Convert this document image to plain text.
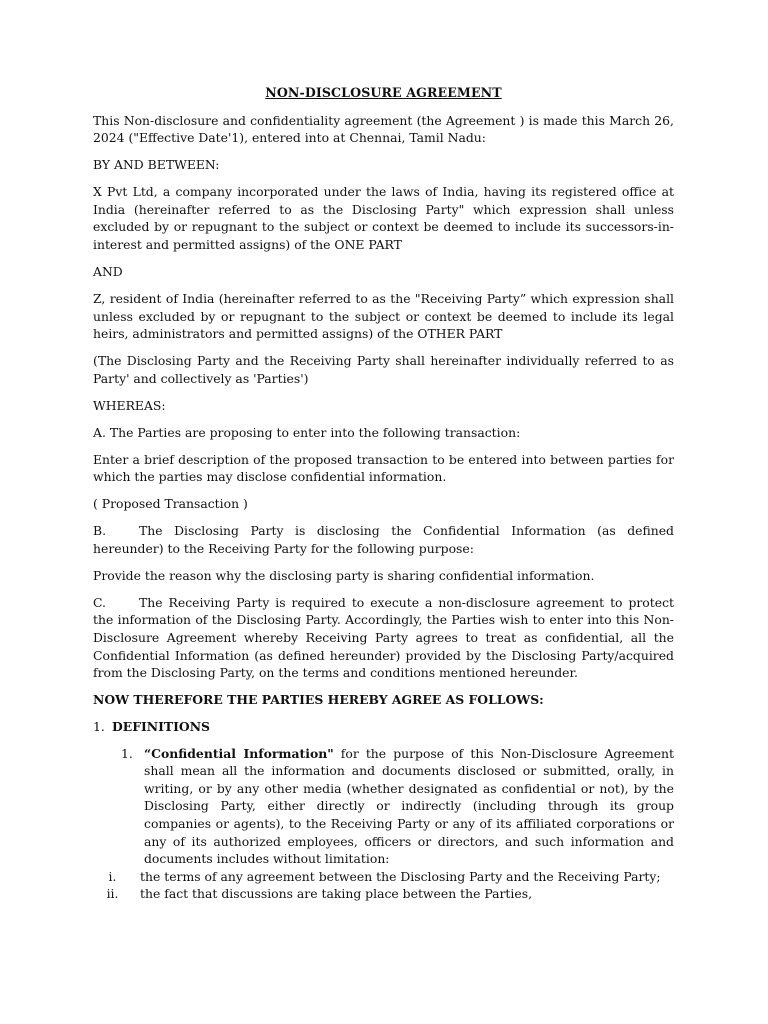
NON-DISCLOSURE AGREEMENT

This Non-disclosure and confidentiality agreement (the Agreement ) is made this March 26, 2024 ("Effective Date'1), entered into at Chennai, Tamil Nadu:

BY AND BETWEEN:

X Pvt Ltd, a company incorporated under the laws of India, having its registered office at India (hereinafter referred to as the Disclosing Party" which expression shall unless excluded by or repugnant to the subject or context be deemed to include its successors-in-interest and permitted assigns) of the ONE PART

AND

Z, resident of India (hereinafter referred to as the "Receiving Party” which expression shall unless excluded by or repugnant to the subject or context be deemed to include its legal heirs, administrators and permitted assigns) of the OTHER PART

(The Disclosing Party and the Receiving Party shall hereinafter individually referred to as Party' and collectively as 'Parties')

WHEREAS:

A. The Parties are proposing to enter into the following transaction:

Enter a brief description of the proposed transaction to be entered into between parties for which the parties may disclose confidential information.

( Proposed Transaction )

B.	The Disclosing Party is disclosing the Confidential Information (as defined hereunder) to the Receiving Party for the following purpose:

Provide the reason why the disclosing party is sharing confidential information.

C.	The Receiving Party is required to execute a non-disclosure agreement to protect the information of the Disclosing Party. Accordingly, the Parties wish to enter into this Non-Disclosure Agreement whereby Receiving Party agrees to treat as confidential, all the Confidential Information (as defined hereunder) provided by the Disclosing Party/acquired from the Disclosing Party, on the terms and conditions mentioned hereunder.

NOW THEREFORE THE PARTIES HEREBY AGREE AS FOLLOWS:

1. DEFINITIONS
1. “Confidential Information" for the purpose of this Non-Disclosure Agreement shall mean all the information and documents disclosed or submitted, orally, in writing, or by any other media (whether designated as confidential or not), by the Disclosing Party, either directly or indirectly (including through its group companies or agents), to the Receiving Party or any of its affiliated corporations or any of its authorized employees, officers or directors, and such information and documents includes without limitation:
i.	the terms of any agreement between the Disclosing Party and the Receiving Party;
ii.	the fact that discussions are taking place between the Parties,
